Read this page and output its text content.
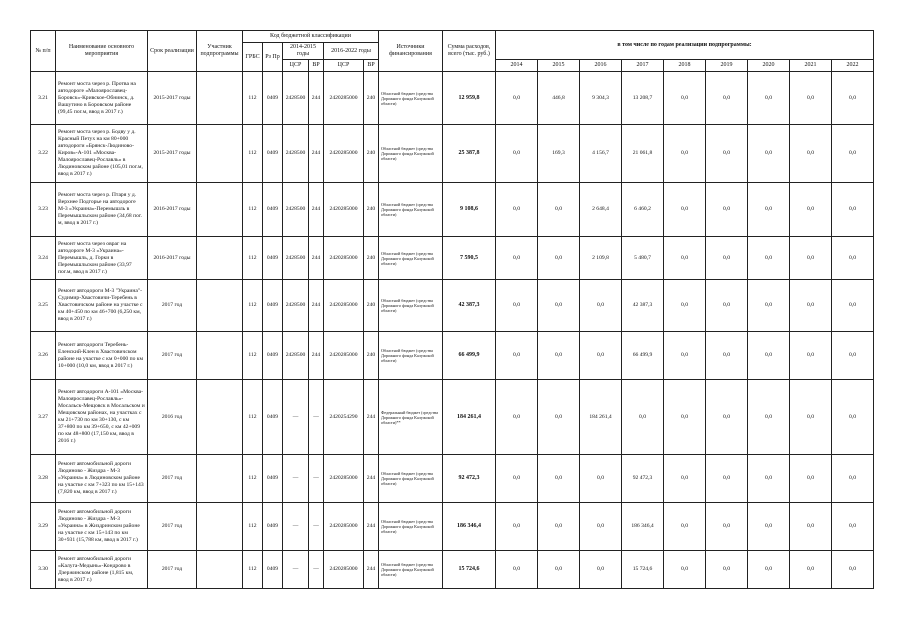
№ п/п	Наименование основного мероприятия	Срок реализации	Участник подпрограммы	Код бюджетной классификации						Источники финансирования	Сумма расходов, всего (тыс. руб.)	в том числе по годам реализации подпрограммы:								
				ГРБС	Рз Пр	2014-2015 годы		2016-2022 годы												
						ЦСР	ВР													
								ЦСР	ВР			2014	2015	2016	2017	2018	2019	2020	2021	2022
3.21	Ремонт моста через р. Протва на автодороге «Малоярославец-Боровск»-Кривское-Обнинск, д. Вашутино в Боровском районе (99,45 пог.м, ввод в 2017 г.)	2015-2017 годы		112	0409	2428500	244	2420285000	240	Областной бюджет (средства Дорожного фонда Калужской области)	12 959,8	0,0	446,8	9 304,3	13 208,7	0,0	0,0	0,0	0,0	0,0
3.22	Ремонт моста через р. Бодву у д. Красный Петух на км 80+000 автодороги «Брянск-Людиново-Киров»-А-101 «Москва-Малоярославец-Рославль» в Людиновском районе (105,01 пог.м, ввод в 2017 г.)	2015-2017 годы		112	0409	2428500	244	2420285000	240	Областной бюджет (средства Дорожного фонда Калужской области)	25 387,8	0,0	169,3	4 156,7	21 061,8	0,0	0,0	0,0	0,0	0,0
3.23	Ремонт моста через р. Птаря у д. Верхнее Подгорье на автодороге М-3 «Украина»-Перемышль в Перемышльском районе (34,68 пог. м, ввод в 2017 г.)	2016-2017 годы		112	0409	2428500	244	2420285000	240	Областной бюджет (средства Дорожного фонда Калужской области)	9 108,6	0,0	0,0	2 648,4	6 460,2	0,0	0,0	0,0	0,0	0,0
3.24	Ремонт моста через овраг на автодороге М-3 «Украина»-Перемышль, д. Горки в Перемышльском районе (33,97 пог.м, ввод в 2017 г.)	2016-2017 годы		112	0409	2428500	244	2420285000	240	Областной бюджет (средства Дорожного фонда Калужской области)	7 590,5	0,0	0,0	2 109,8	5 480,7	0,0	0,0	0,0	0,0	0,0
3.25	Ремонт автодороги М-3 "Украина"-Судимир-Хвастовичи-Теребень в Хвастовичском районе на участке с км 40+450 по км 46+700 (6,250 км, ввод в 2017 г.)	2017 год		112	0409	2428500	244	2420285000	240	Областной бюджет (средства Дорожного фонда Калужской области)	42 387,3	0,0	0,0	0,0	42 387,3	0,0	0,0	0,0	0,0	0,0
3.26	Ремонт автодороги Теребень-Еленский-Клен в Хвастовичском районе на участке с км 0+000 по км 10+000 (10,0 км, ввод в 2017 г.)	2017 год		112	0409	2428500	244	2420285000	240	Областной бюджет (средства Дорожного фонда Калужской области)	66 499,9	0,0	0,0	0,0	66 499,9	0,0	0,0	0,0	0,0	0,0
3.27	Ремонт автодороги А-101 «Москва-Малоярославец-Рославль»-Мосальск-Мещовск в Мосальском и Мещовском районах, на участках с км 21+730 по км 30+130, с км 37+800 по км 39+650, с км 42+009 по км 48+800 (17,150 км, ввод в 2016 г.)	2016 год		112	0409	—	—	2420254290	244	Федеральный бюджет (средства Дорожного фонда Калужской области)**	184 261,4	0,0	0,0	184 261,4	0,0	0,0	0,0	0,0	0,0	0,0
3.28	Ремонт автомобильной дороги Людиново - Жиздра - М-3 «Украина» в Людиновском районе на участке с км 7+323 по км 15+143 (7,820 км, ввод в 2017 г.)	2017 год		112	0409	—	—	2420285000	244	Областной бюджет (средства Дорожного фонда Калужской области)	92 472,3	0,0	0,0	0,0	92 472,3	0,0	0,0	0,0	0,0	0,0
3.29	Ремонт автомобильной дороги Людиново - Жиздра - М-3 «Украина» в Жиздринском районе на участке с км 15+143 по км 30+931 (15,788 км, ввод в 2017 г.)	2017 год		112	0409	—	—	2420285000	244	Областной бюджет (средства Дорожного фонда Калужской области)	186 346,4	0,0	0,0	0,0	186 346,4	0,0	0,0	0,0	0,0	0,0
3.30	Ремонт автомобильной дороги «Калуга-Медынь»-Кондрово в Дзержинском районе (1,815 км, ввод в 2017 г.)	2017 год		112	0409	—	—	2420285000	244	Областной бюджет (средства Дорожного фонда Калужской области)	15 724,6	0,0	0,0	0,0	15 724,6	0,0	0,0	0,0	0,0	0,0
